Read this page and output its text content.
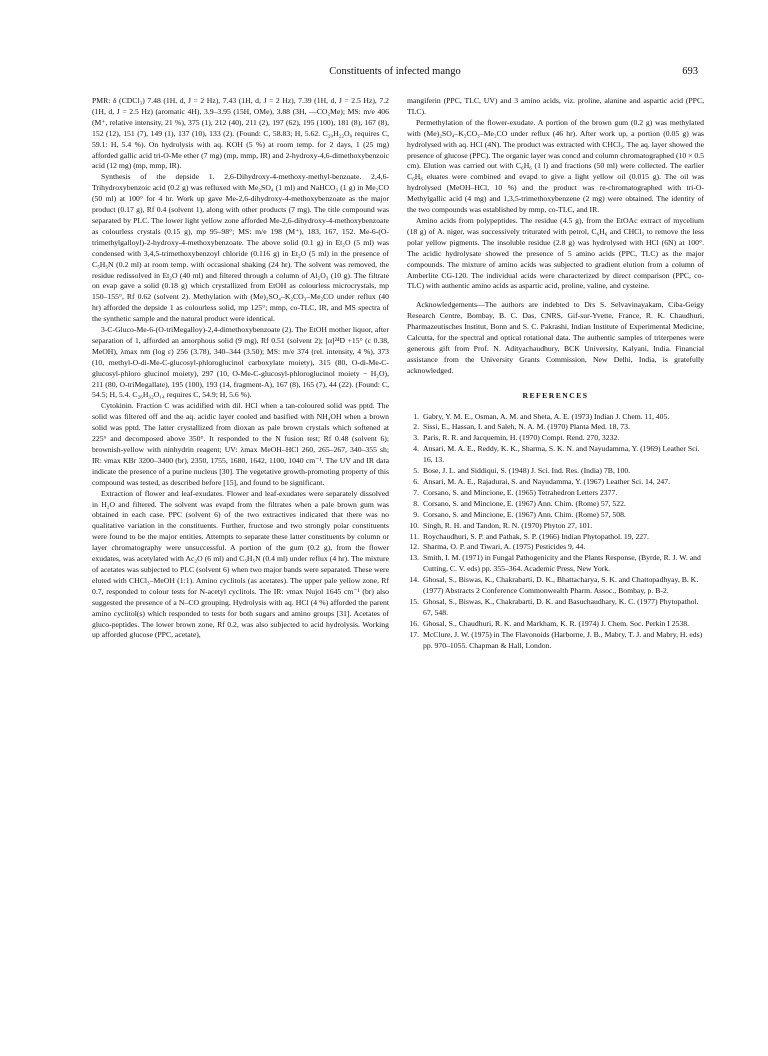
Constituents of infected mango	693

PMR: δ (CDCl₃) 7.48 (1H, d, J = 2 Hz), 7.43 (1H, d, J = 2 Hz), 7.39 (1H, d, J = 2.5 Hz), 7.2 (1H, d, J = 2.5 Hz) (aromatic 4H), 3.9–3.95 (15H, OMe), 3.88 (3H, —CO₂Me); MS: m/e 406 (M⁺, relative intensity, 21 %), 375 (1), 212 (40), 211 (2), 197 (62), 195 (100), 181 (8), 167 (8), 152 (12), 151 (7), 149 (1), 137 (10), 133 (2). (Found: C, 58.83; H, 5.62. C₂₀H₂₂O₉ requires C, 59.1: H, 5.4 %). On hydrolysis with aq. KOH (5 %) at room temp. for 2 days, 1 (25 mg) afforded gallic acid tri-O-Me ether (7 mg) (mp, mmp, IR) and 2-hydroxy-4,6-dimethoxybenzoic acid (12 mg) (mp, mmp, IR).

Synthesis of the depside 1. 2,6-Dihydroxy-4-methoxy-methyl-benzoate. 2,4,6-Trihydroxybenzoic acid (0.2 g) was refluxed with Me₂SO₄ (1 ml) and NaHCO₃ (1 g) in Me₂CO (50 ml) at 100° for 4 hr. Work up gave Me-2,6-dihydroxy-4-methoxybenzoate as the major product (0.17 g), Rf 0.4 (solvent 1), along with other products (7 mg). The title compound was separated by PLC. The lower light yellow zone afforded Me-2,6-dihydroxy-4-methoxybenzoate as colourless crystals (0.15 g), mp 95–98°; MS: m/e 198 (M⁺), 183, 167, 152. Me-6-(O-trimethylgalloyl)-2-hydroxy-4-methoxybenzoate. The above solid (0.1 g) in Et₂O (5 ml) was condensed with 3,4,5-trimethoxybenzoyl chloride (0.116 g) in Et₂O (5 ml) in the presence of C₅H₅N (0.2 ml) at room temp. with occasional shaking (24 hr). The solvent was removed, the residue redissolved in Et₂O (40 ml) and filtered through a column of Al₂O₃ (10 g). The filtrate on evap gave a solid (0.18 g) which crystallized from EtOH as colourless microcrystals, mp 150–155°, Rf 0.62 (solvent 2). Methylation with (Me)₂SO₄–K₂CO₃–Me₂CO under reflux (40 hr) afforded the depside 1 as colourless solid, mp 125°; mmp, co-TLC, IR, and MS spectra of the synthetic sample and the natural product were identical.

3-C-Gluco-Me-6-(O-triMegalloy)-2,4-dimethoxybenzoate (2). The EtOH mother liquor, after separation of 1, afforded an amorphous solid (9 mg), Rf 0.51 (solvent 2); [α]²⁴D +15° (c 0.38, MeOH), λmax nm (log ε) 256 (3.78), 340–344 (3.50); MS: m/e 374 (rel. intensity, 4 %), 373 (10, methyl-O-di-Me-C-glucosyl-phloroglucinol carboxylate moiety), 315 (80, O-di-Me-C-glucosyl-phloro glucinol moiety), 297 (10, O-Me-C-glucosyl-phloroglucinol moiety − H₂O), 211 (80, O-triMegallate), 195 (100), 193 (14, fragment-A), 167 (8), 165 (7), 44 (22). (Found: C, 54.5; H, 5.4. C₂₆H₃₂O₁₄ requires C, 54.9; H, 5.6 %).

Cytokinin. Fraction C was acidified with dil. HCl when a tan-coloured solid was pptd. The solid was filtered off and the aq. acidic layer cooled and basified with NH₄OH when a brown solid was pptd. The latter crystallized from dioxan as pale brown crystals which softened at 225° and decomposed above 350°. It responded to the N fusion test; Rf 0.48 (solvent 6); brownish-yellow with ninhydrin reagent; UV: λmax MeOH–HCl 260, 265–267, 340–355 sh; IR: νmax KBr 3200–3400 (br), 2350, 1755, 1680, 1642, 1100, 1040 cm⁻¹. The UV and IR data indicate the presence of a purine nucleus [30]. The vegetative growth-promoting property of this compound was tested, as described before [15], and found to be significant.

Extraction of flower and leaf-exudates. Flower and leaf-exudates were separately dissolved in H₂O and filtered. The solvent was evapd from the filtrates when a pale brown gum was obtained in each case. PPC (solvent 6) of the two extractives indicated that there was no qualitative variation in the constituents. Further, fructose and two strongly polar constituents were found to be the major entities. Attempts to separate these latter constituents by column or layer chromatography were unsuccessful. A portion of the gum (0.2 g), from the flower exudates, was acetylated with Ac₂O (6 ml) and C₅H₅N (0.4 ml) under reflux (4 hr). The mixture of acetates was subjected to PLC (solvent 6) when two major bands were separated. These were eluted with CHCl₃–MeOH (1:1). Amino cyclitols (as acetates). The upper pale yellow zone, Rf 0.7, responded to colour tests for N-acetyl cyclitols. The IR: νmax Nujol 1645 cm⁻¹ (br) also suggested the presence of a N–CO grouping. Hydrolysis with aq. HCl (4 %) afforded the parent amino cyclitol(s) which responded to tests for both sugars and amino groups [31]. Acetates of gluco-peptides. The lower brown zone, Rf 0.2, was also subjected to acid hydrolysis. Working up afforded glucose (PPC, acetate),

mangiferin (PPC, TLC, UV) and 3 amino acids, viz. proline, alanine and aspartic acid (PPC, TLC).

Permethylation of the flower-exudate. A portion of the brown gum (0.2 g) was methylated with (Me)₂SO₄–K₂CO₃–Me₂CO under reflux (46 hr). After work up, a portion (0.05 g) was hydrolysed with aq. HCl (4N). The product was extracted with CHCl₃. The aq. layer showed the presence of glucose (PPC). The organic layer was concd and column chromatographed (10 × 0.5 cm). Elution was carried out with C₆H₆ (1 l) and fractions (50 ml) were collected. The earlier C₆H₆ eluates were combined and evapd to give a light yellow oil (0.015 g). The oil was hydrolysed (MeOH–HCl, 10 %) and the product was re-chromatographed with tri-O-Methylgallic acid (4 mg) and 1,3,5-trimethoxybenzene (2 mg) were obtained. The identity of the two compounds was established by mmp, co-TLC, and IR.

Amino acids from polypeptides. The residue (4.5 g), from the EtOAc extract of mycelium (18 g) of A. niger, was successively triturated with petrol, C₆H₆ and CHCl₃ to remove the less polar yellow pigments. The insoluble residue (2.8 g) was hydrolysed with HCl (6N) at 100°. The acidic hydrolysate showed the presence of 5 amino acids (PPC, TLC) as the major compounds. The mixture of amino acids was subjected to gradient elution from a column of Amberlite CG-120. The individual acids were characterized by direct comparison (PPC, co-TLC) with authentic amino acids as aspartic acid, proline, valine, and cysteine.

Acknowledgements—The authors are indebted to Drs S. Selvavinayakam, Ciba-Geigy Research Centre, Bombay, B. C. Das, CNRS, Gif-sur-Yvette, France, R. K. Chaudhuri, Pharmazeutisches Institut, Bonn and S. C. Pakrashi, Indian Institute of Experimental Medicine, Calcutta, for the spectral and optical rotational data. The authentic samples of triterpenes were generous gift from Prof. N. Adityachaudhury, BCK University, Kalyani, India. Financial assistance from the University Grants Commission, New Delhi, India, is gratefully acknowledged.

REFERENCES
1. Gabry, Y. M. E., Osman, A. M. and Sheta, A. E. (1973) Indian J. Chem. 11, 405.
2. Sissi, E., Hassan, I. and Saleh, N. A. M. (1970) Planta Med. 18, 73.
3. Paris, R. R. and Jacquemin, H. (1970) Compt. Rend. 270, 3232.
4. Ansari, M. A. E., Reddy, K. K., Sharma, S. K. N. and Nayudamma, Y. (1969) Leather Sci. 16, 13.
5. Bose, J. L. and Siddiqui, S. (1948) J. Sci. Ind. Res. (India) 7B, 100.
6. Ansari, M. A. E., Rajadurai, S. and Nayudamma, Y. (1967) Leather Sci. 14, 247.
7. Corsano, S. and Mincione, E. (1965) Tetrahedron Letters 2377.
8. Corsano, S. and Mincione, E. (1967) Ann. Chim. (Rome) 57, 522.
9. Corsano, S. and Mincione, E. (1967) Ann. Chim. (Rome) 57, 508.
10. Singh, R. H. and Tandon, R. N. (1970) Phyton 27, 101.
11. Roychaudhuri, S. P. and Pathak, S. P. (1966) Indian Phytopathol. 19, 227.
12. Sharma, O. P. and Tiwari, A. (1975) Pesticides 9, 44.
13. Smith, I. M. (1971) in Fungal Pathogenicity and the Plants Response, (Byrde, R. J. W. and Cutting, C. V. eds) pp. 355–364. Academic Press, New York.
14. Ghosal, S., Biswas, K., Chakrabarti, D. K., Bhattacharya, S. K. and Chattopadhyay, B. K. (1977) Abstracts 2 Conference Commonwealth Pharm. Assoc., Bombay, p. B-2.
15. Ghosal, S., Biswas, K., Chakrabarti, D. K. and Basuchaudhary, K. C. (1977) Phytopathol. 67, 548.
16. Ghosal, S., Chaudhuri, R. K. and Markham, K. R. (1974) J. Chem. Soc. Perkin I 2538.
17. McClure, J. W. (1975) in The Flavonoids (Harborne, J. B., Mabry, T. J. and Mabry, H. eds) pp. 970–1055. Chapman & Hall, London.
